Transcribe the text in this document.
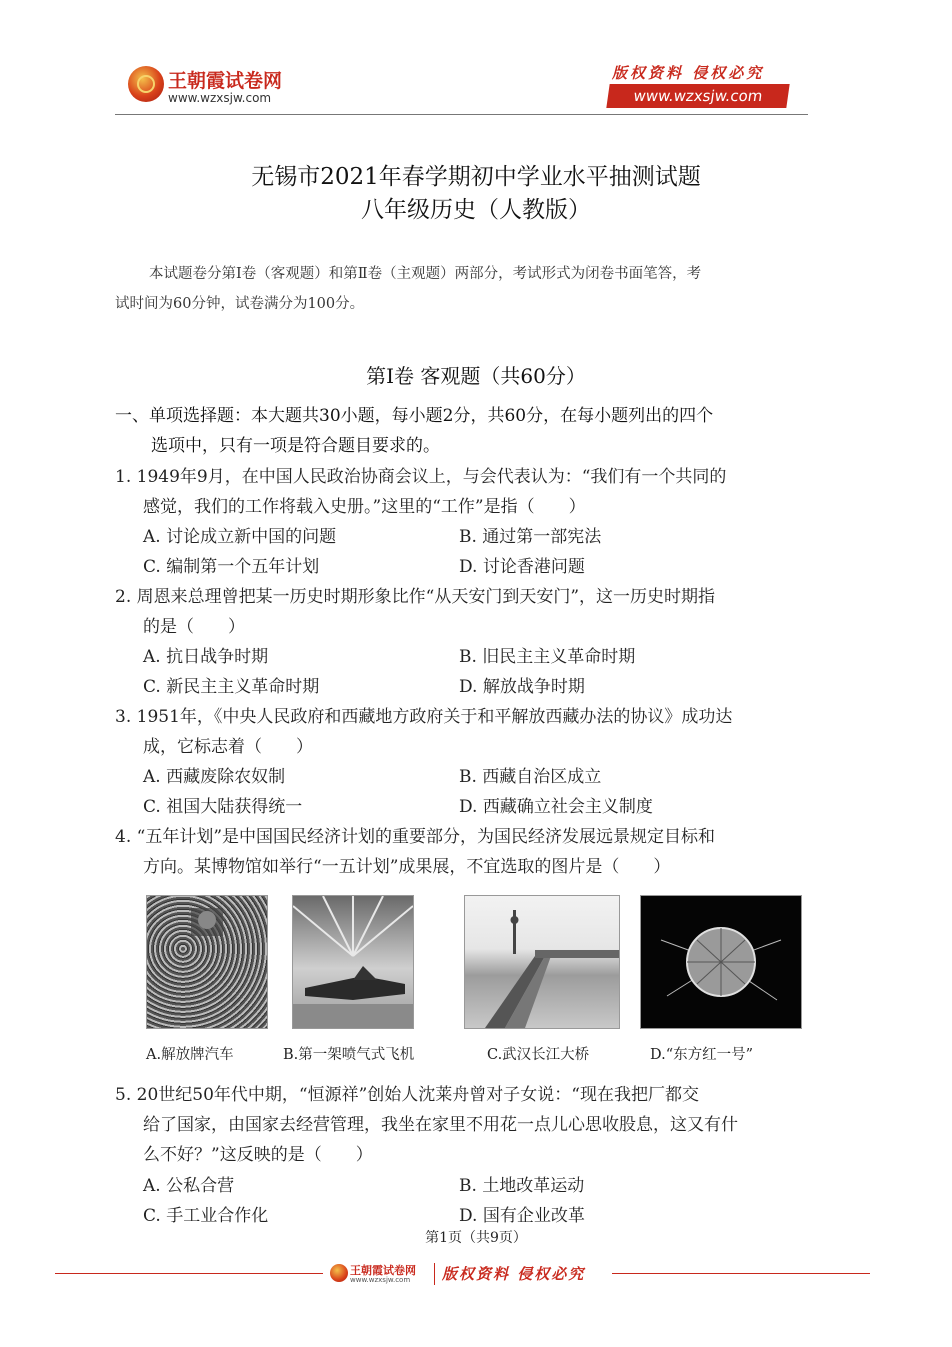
王朝霞试卷网
www.wzxsjw.com
版权资料 侵权必究
www.wzxsjw.com
无锡市2021年春学期初中学业水平抽测试题
八年级历史（人教版）
本试题卷分第Ⅰ卷（客观题）和第Ⅱ卷（主观题）两部分，考试形式为闭卷书面笔答，考
试时间为60分钟，试卷满分为100分。
第Ⅰ卷 客观题（共60分）
一、单项选择题：本大题共30小题，每小题2分，共60分，在每小题列出的四个
选项中，只有一项是符合题目要求的。
1. 1949年9月，在中国人民政治协商会议上，与会代表认为：“我们有一个共同的
感觉，我们的工作将载入史册。”这里的“工作”是指（　　）
A. 讨论成立新中国的问题	B. 通过第一部宪法
C. 编制第一个五年计划	D. 讨论香港问题
2. 周恩来总理曾把某一历史时期形象比作“从天安门到天安门”，这一历史时期指
的是（　　）
A. 抗日战争时期	B. 旧民主主义革命时期
C. 新民主主义革命时期	D. 解放战争时期
3. 1951年，《中央人民政府和西藏地方政府关于和平解放西藏办法的协议》成功达
成，它标志着（　　）
A. 西藏废除农奴制	B. 西藏自治区成立
C. 祖国大陆获得统一	D. 西藏确立社会主义制度
4. “五年计划”是中国国民经济计划的重要部分，为国民经济发展远景规定目标和
方向。某博物馆如举行“一五计划”成果展，不宜选取的图片是（　　）
A.解放牌汽车	B.第一架喷气式飞机	C.武汉长江大桥	D.“东方红一号”
5. 20世纪50年代中期，“恒源祥”创始人沈莱舟曾对子女说：“现在我把厂都交
给了国家，由国家去经营管理，我坐在家里不用花一点儿心思收股息，这又有什
么不好？”这反映的是（　　）
A. 公私合营	B. 土地改革运动
C. 手工业合作化	D. 国有企业改革
第1页（共9页）
王朝霞试卷网
www.wzxsjw.com 版权资料 侵权必究
